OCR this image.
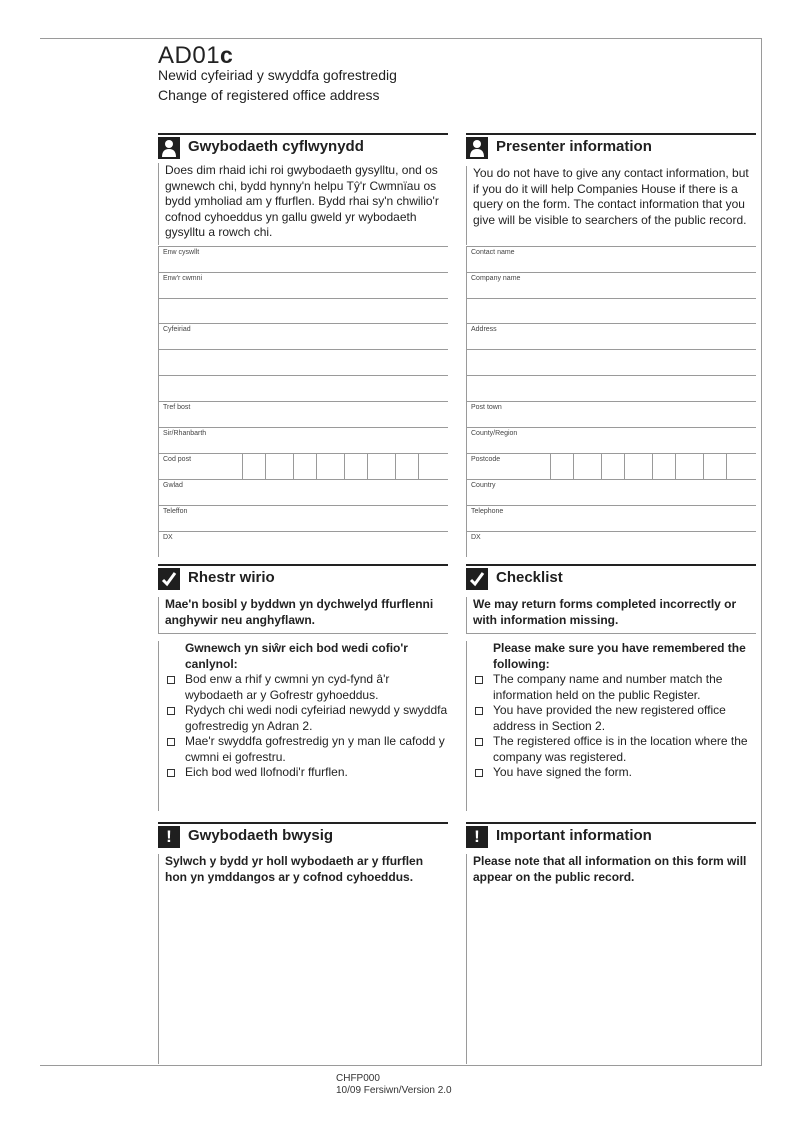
AD01c
Newid cyfeiriad y swyddfa gofrestredig
Change of registered office address
Gwybodaeth cyflwynydd
Does dim rhaid ichi roi gwybodaeth gysylltu, ond os gwnewch chi, bydd hynny'n helpu Tŷ'r Cwmnïau os bydd ymholiad am y ffurflen. Bydd rhai sy'n chwilio'r cofnod cyhoeddus yn gallu gweld yr wybodaeth gysylltu a rowch chi.
Enw cyswllt
Enw'r cwmni
Cyfeiriad
Tref bost
Sir/Rhanbarth
Cod post
Gwlad
Teleffon
DX
Rhestr wirio
Mae'n bosibl y byddwn yn dychwelyd ffurflenni anghywir neu anghyflawn.
Gwnewch yn siŵr eich bod wedi cofio'r canlynol:
Bod enw a rhif y cwmni yn cyd-fynd â'r wybodaeth ar y Gofrestr gyhoeddus.
Rydych chi wedi nodi cyfeiriad newydd y swyddfa gofrestredig yn Adran 2.
Mae'r swyddfa gofrestredig yn y man lle cafodd y cwmni ei gofrestru.
Eich bod wed llofnodi'r ffurflen.
!	Gwybodaeth bwysig
Sylwch y bydd yr holl wybodaeth ar y ffurflen hon yn ymddangos ar y cofnod cyhoeddus.
Presenter information
You do not have to give any contact information, but if you do it will help Companies House if there is a query on the form. The contact information that you give will be visible to searchers of the public record.
Contact name
Company name
Address
Post town
County/Region
Postcode
Country
Telephone
DX
Checklist
We may return forms completed incorrectly or with information missing.
Please make sure you have remembered the following:
The company name and number match the information held on the public Register.
You have provided the new registered office address in Section 2.
The registered office is in the location where the company was registered.
You have signed the form.
!	Important information
Please note that all information on this form will appear on the public record.
CHFP000
10/09 Fersiwn/Version 2.0
